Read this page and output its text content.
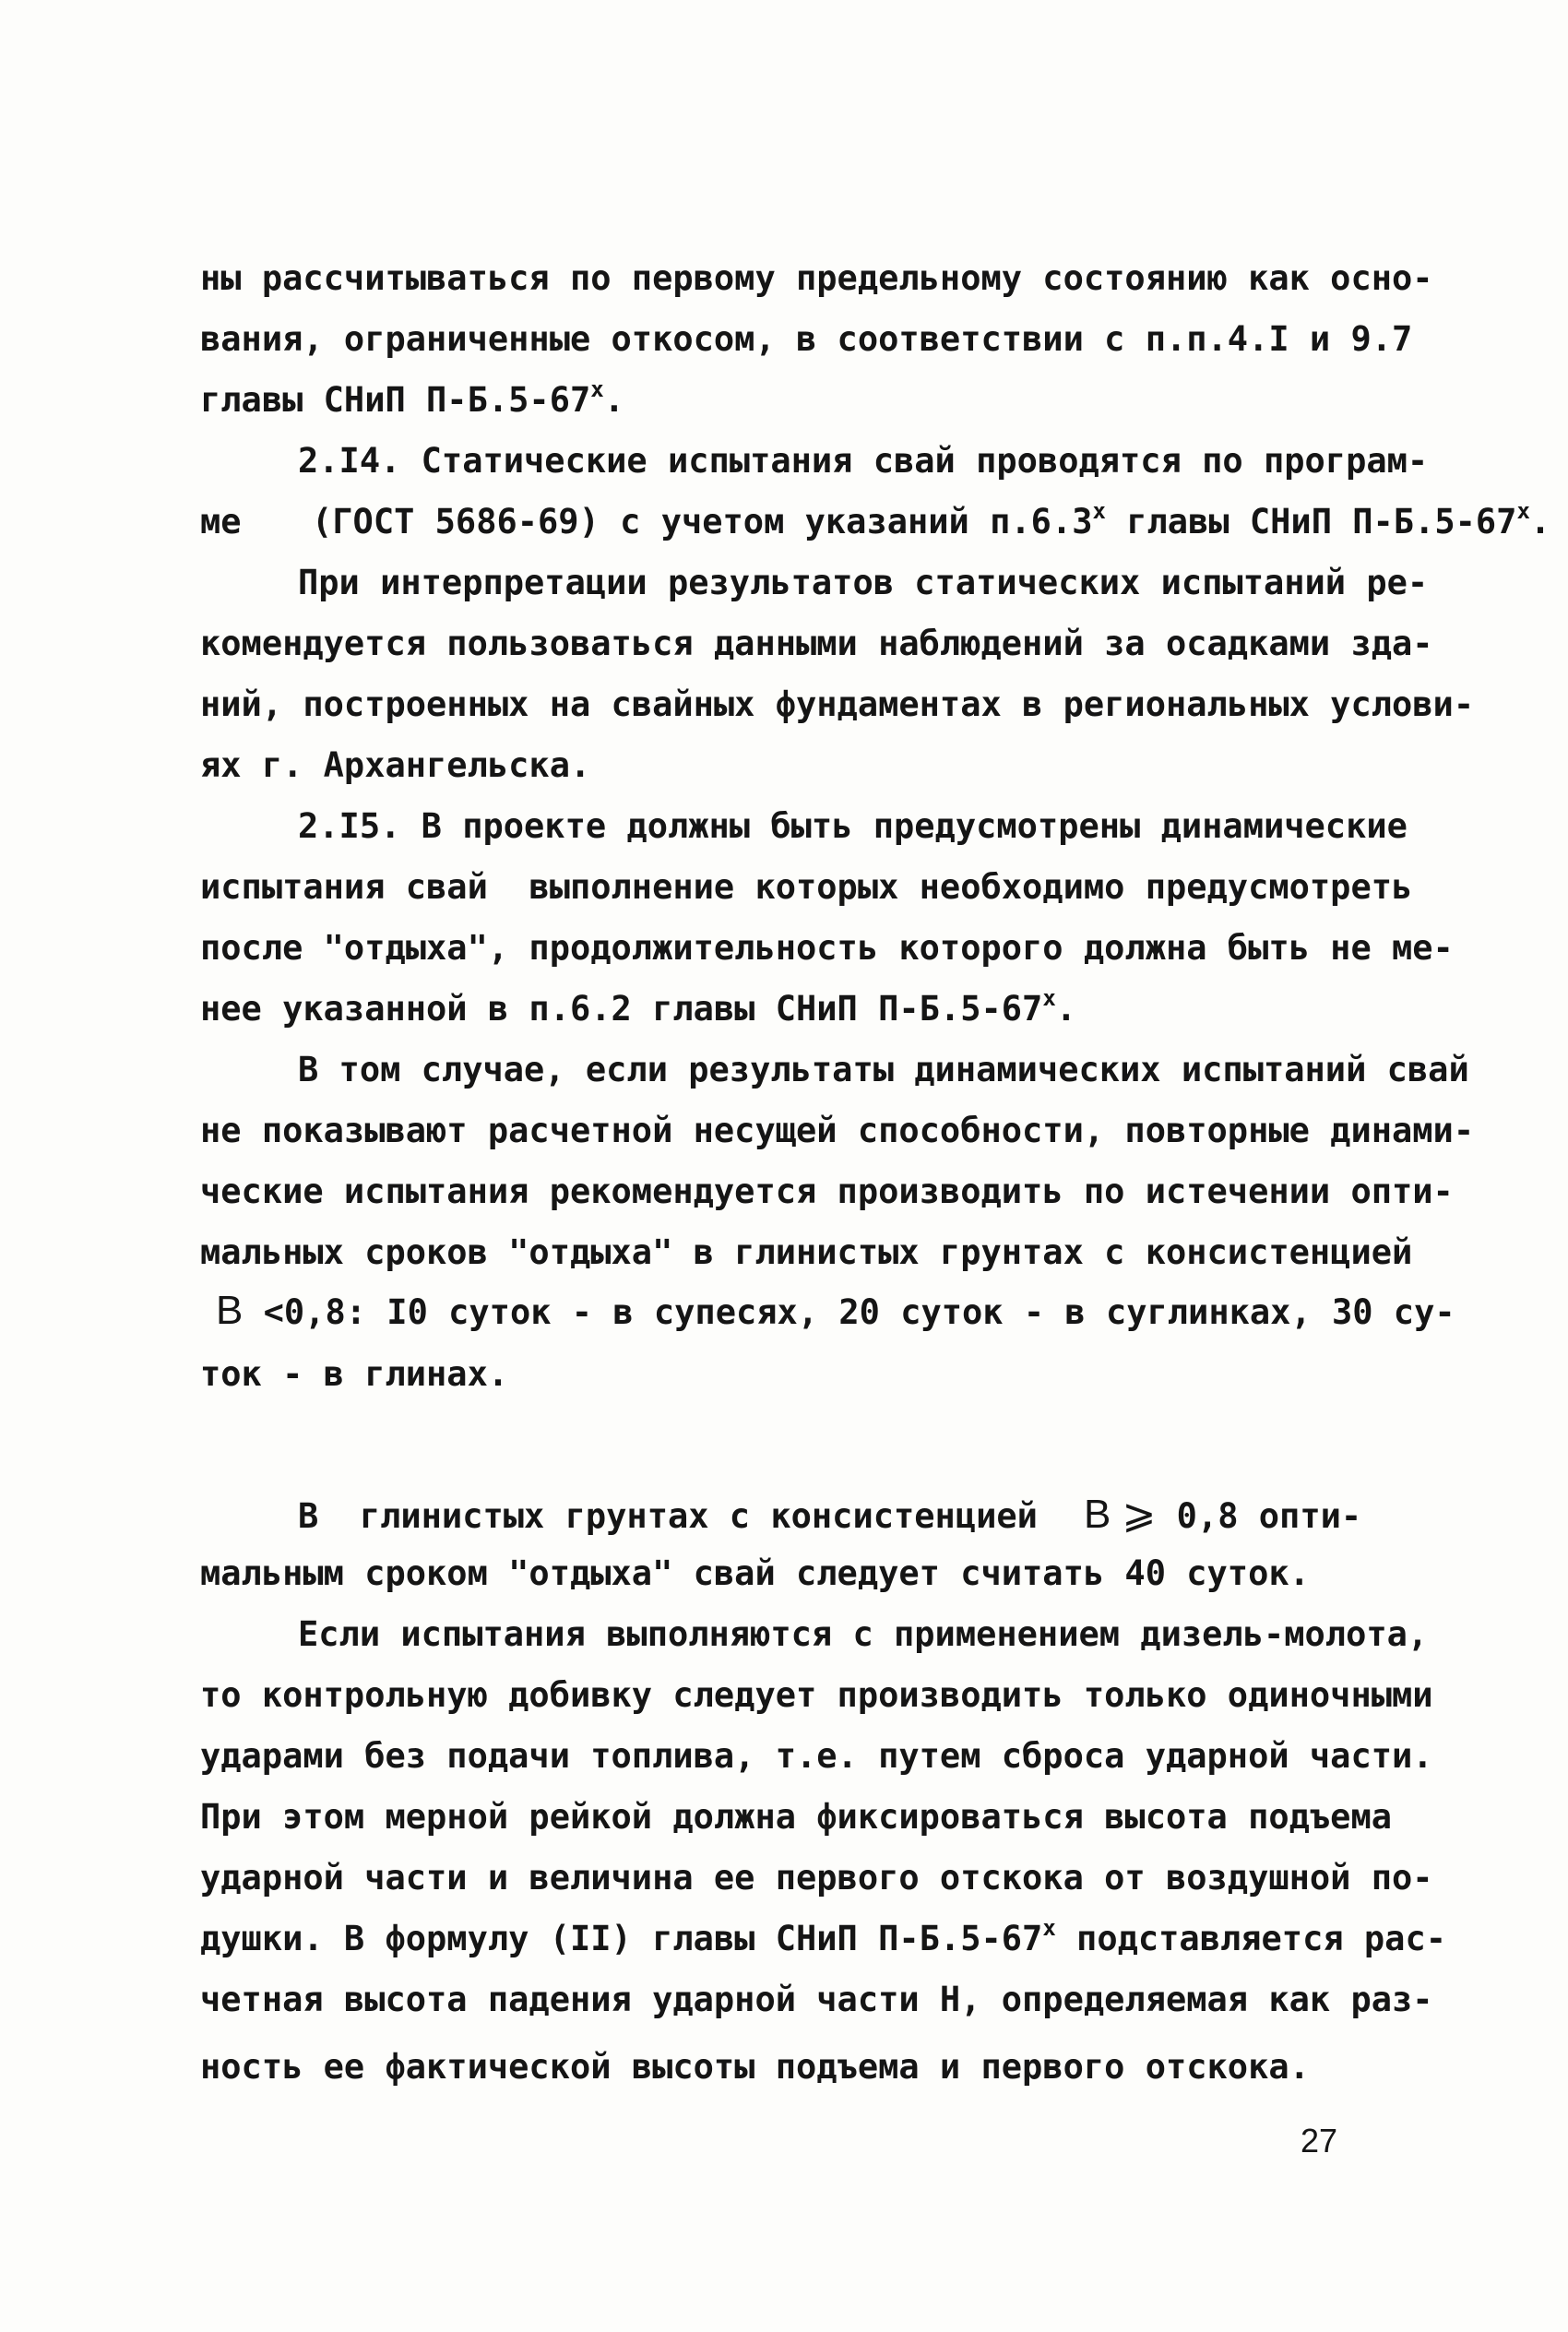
ны рассчитываться по первому предельному состоянию как осно-
вания, ограниченные откосом, в соответствии с п.п.4.I и 9.7
главы СНиП $П-Б.5-67^х$.
2.I4. Статические испытания свай проводятся по програм-
ме (ГОСТ 5686-69) с учетом указаний $п.6.3^х$ главы СНиП $П-Б.5-67^х$.
При интерпретации результатов статических испытаний ре-
комендуется пользоваться данными наблюдений за осадками зда-
ний, построенных на свайных фундаментах в региональных услови-
ях г. Архангельска.
2.I5. В проекте должны быть предусмотрены динамические
испытания свай  выполнение которых необходимо предусмотреть
после "отдыха", продолжительность которого должна быть не ме-
нее указанной в п.6.2 главы СНиП $П-Б.5-67^х$.
В том случае, если результаты динамических испытаний свай
не показывают расчетной несущей способности, повторные динами-
ческие испытания рекомендуется производить по истечении опти-
мальных сроков "отдыха" в глинистых грунтах с консистенцией
В <0,8: I0 суток - в супесях, 20 суток - в суглинках, 30 су-
ток - в глинах.
В  глинистых грунтах с консистенцией В ⩾ 0,8 опти-
мальным сроком "отдыха" свай следует считать 40 суток.
Если испытания выполняются с применением дизель-молота,
то контрольную добивку следует производить только одиночными
ударами без подачи топлива, т.е. путем сброса ударной части.
При этом мерной рейкой должна фиксироваться высота подъема
ударной части и величина ее первого отскока от воздушной по-
душки. В формулу (II) главы СНиП $П-Б.5-67^х$ подставляется рас-
четная высота падения ударной части Н, определяемая как раз-
ность ее фактической высоты подъема и первого отскока.
27
